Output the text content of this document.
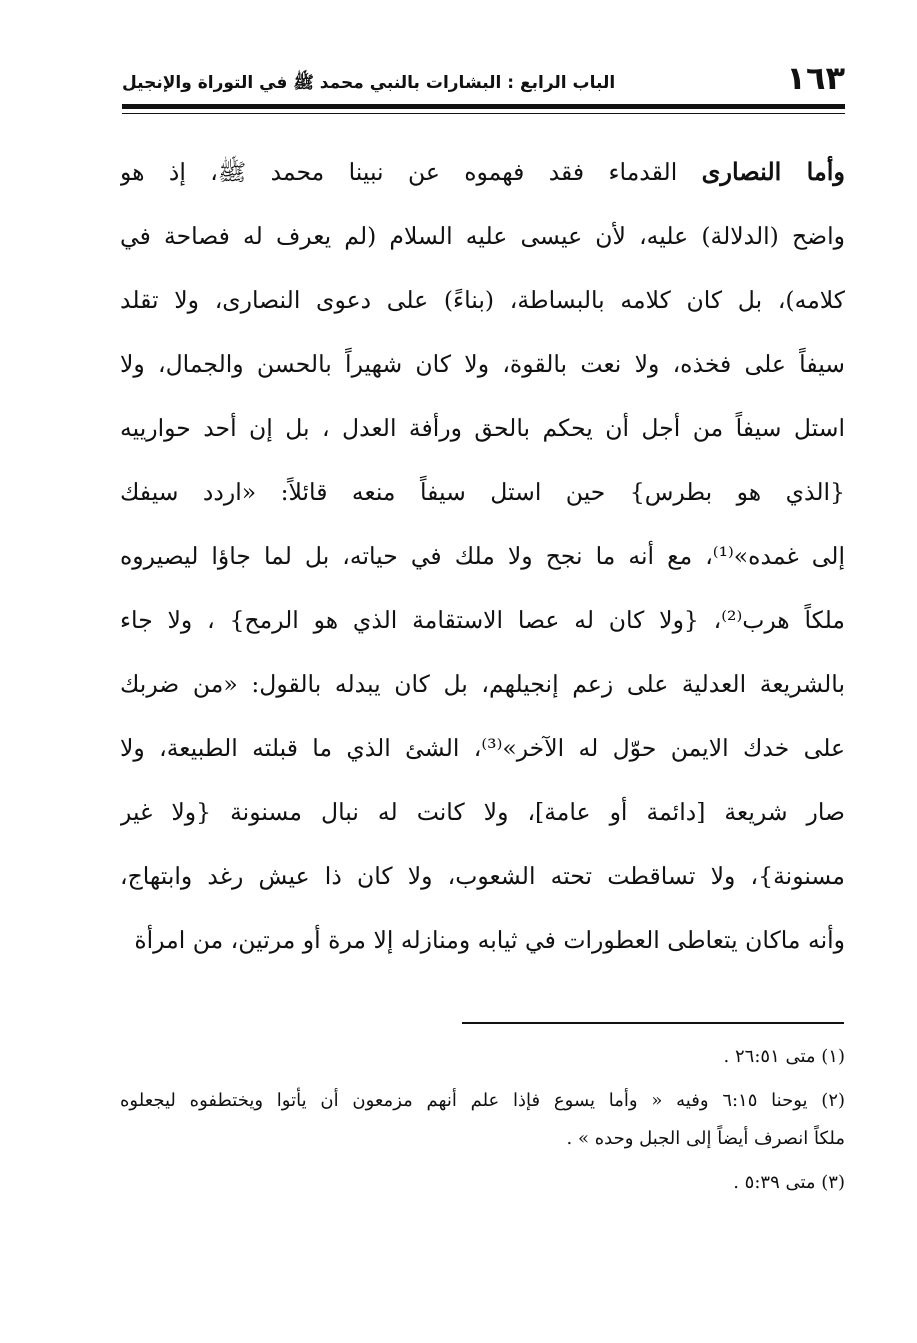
١٦٣
الباب الرابع : البشارات بالنبي محمد ﷺ في التوراة والإنجيل
وأما النصارى القدماء فقد فهموه عن نبينا محمد ﷺ، إذ هو
واضح (الدلالة) عليه، لأن عيسى عليه السلام (لم يعرف له فصاحة في
كلامه)، بل كان كلامه بالبساطة، (بناءً) على دعوى النصارى، ولا تقلد
سيفاً على فخذه، ولا نعت بالقوة، ولا كان شهيراً بالحسن والجمال، ولا
استل سيفاً من أجل أن يحكم بالحق ورأفة العدل ، بل إن أحد حوارييه
{الذي هو بطرس} حين استل سيفاً منعه قائلاً: «اردد سيفك
إلى غمده»⁽¹⁾، مع أنه ما نجح ولا ملك في حياته، بل لما جاؤا ليصيروه
ملكاً هرب⁽²⁾، {ولا كان له عصا الاستقامة الذي هو الرمح} ، ولا جاء
بالشريعة العدلية على زعم إنجيلهم، بل كان يبدله بالقول: «من ضربك
على خدك الايمن حوّل له الآخر»⁽³⁾، الشئ الذي ما قبلته الطبيعة، ولا
صار شريعة [دائمة أو عامة]، ولا كانت له نبال مسنونة {ولا غير
مسنونة}، ولا تساقطت تحته الشعوب، ولا كان ذا عيش رغد وابتهاج،
وأنه ماكان يتعاطى العطورات في ثيابه ومنازله إلا مرة أو مرتين، من امرأة
(١) متى ٢٦:٥١ .
(٢) يوحنا ٦:١٥ وفيه « وأما يسوع فإذا علم أنهم مزمعون أن يأتوا ويختطفوه ليجعلوه
ملكاً انصرف أيضاً إلى الجبل وحده » .
(٣) متى ٥:٣٩ .
